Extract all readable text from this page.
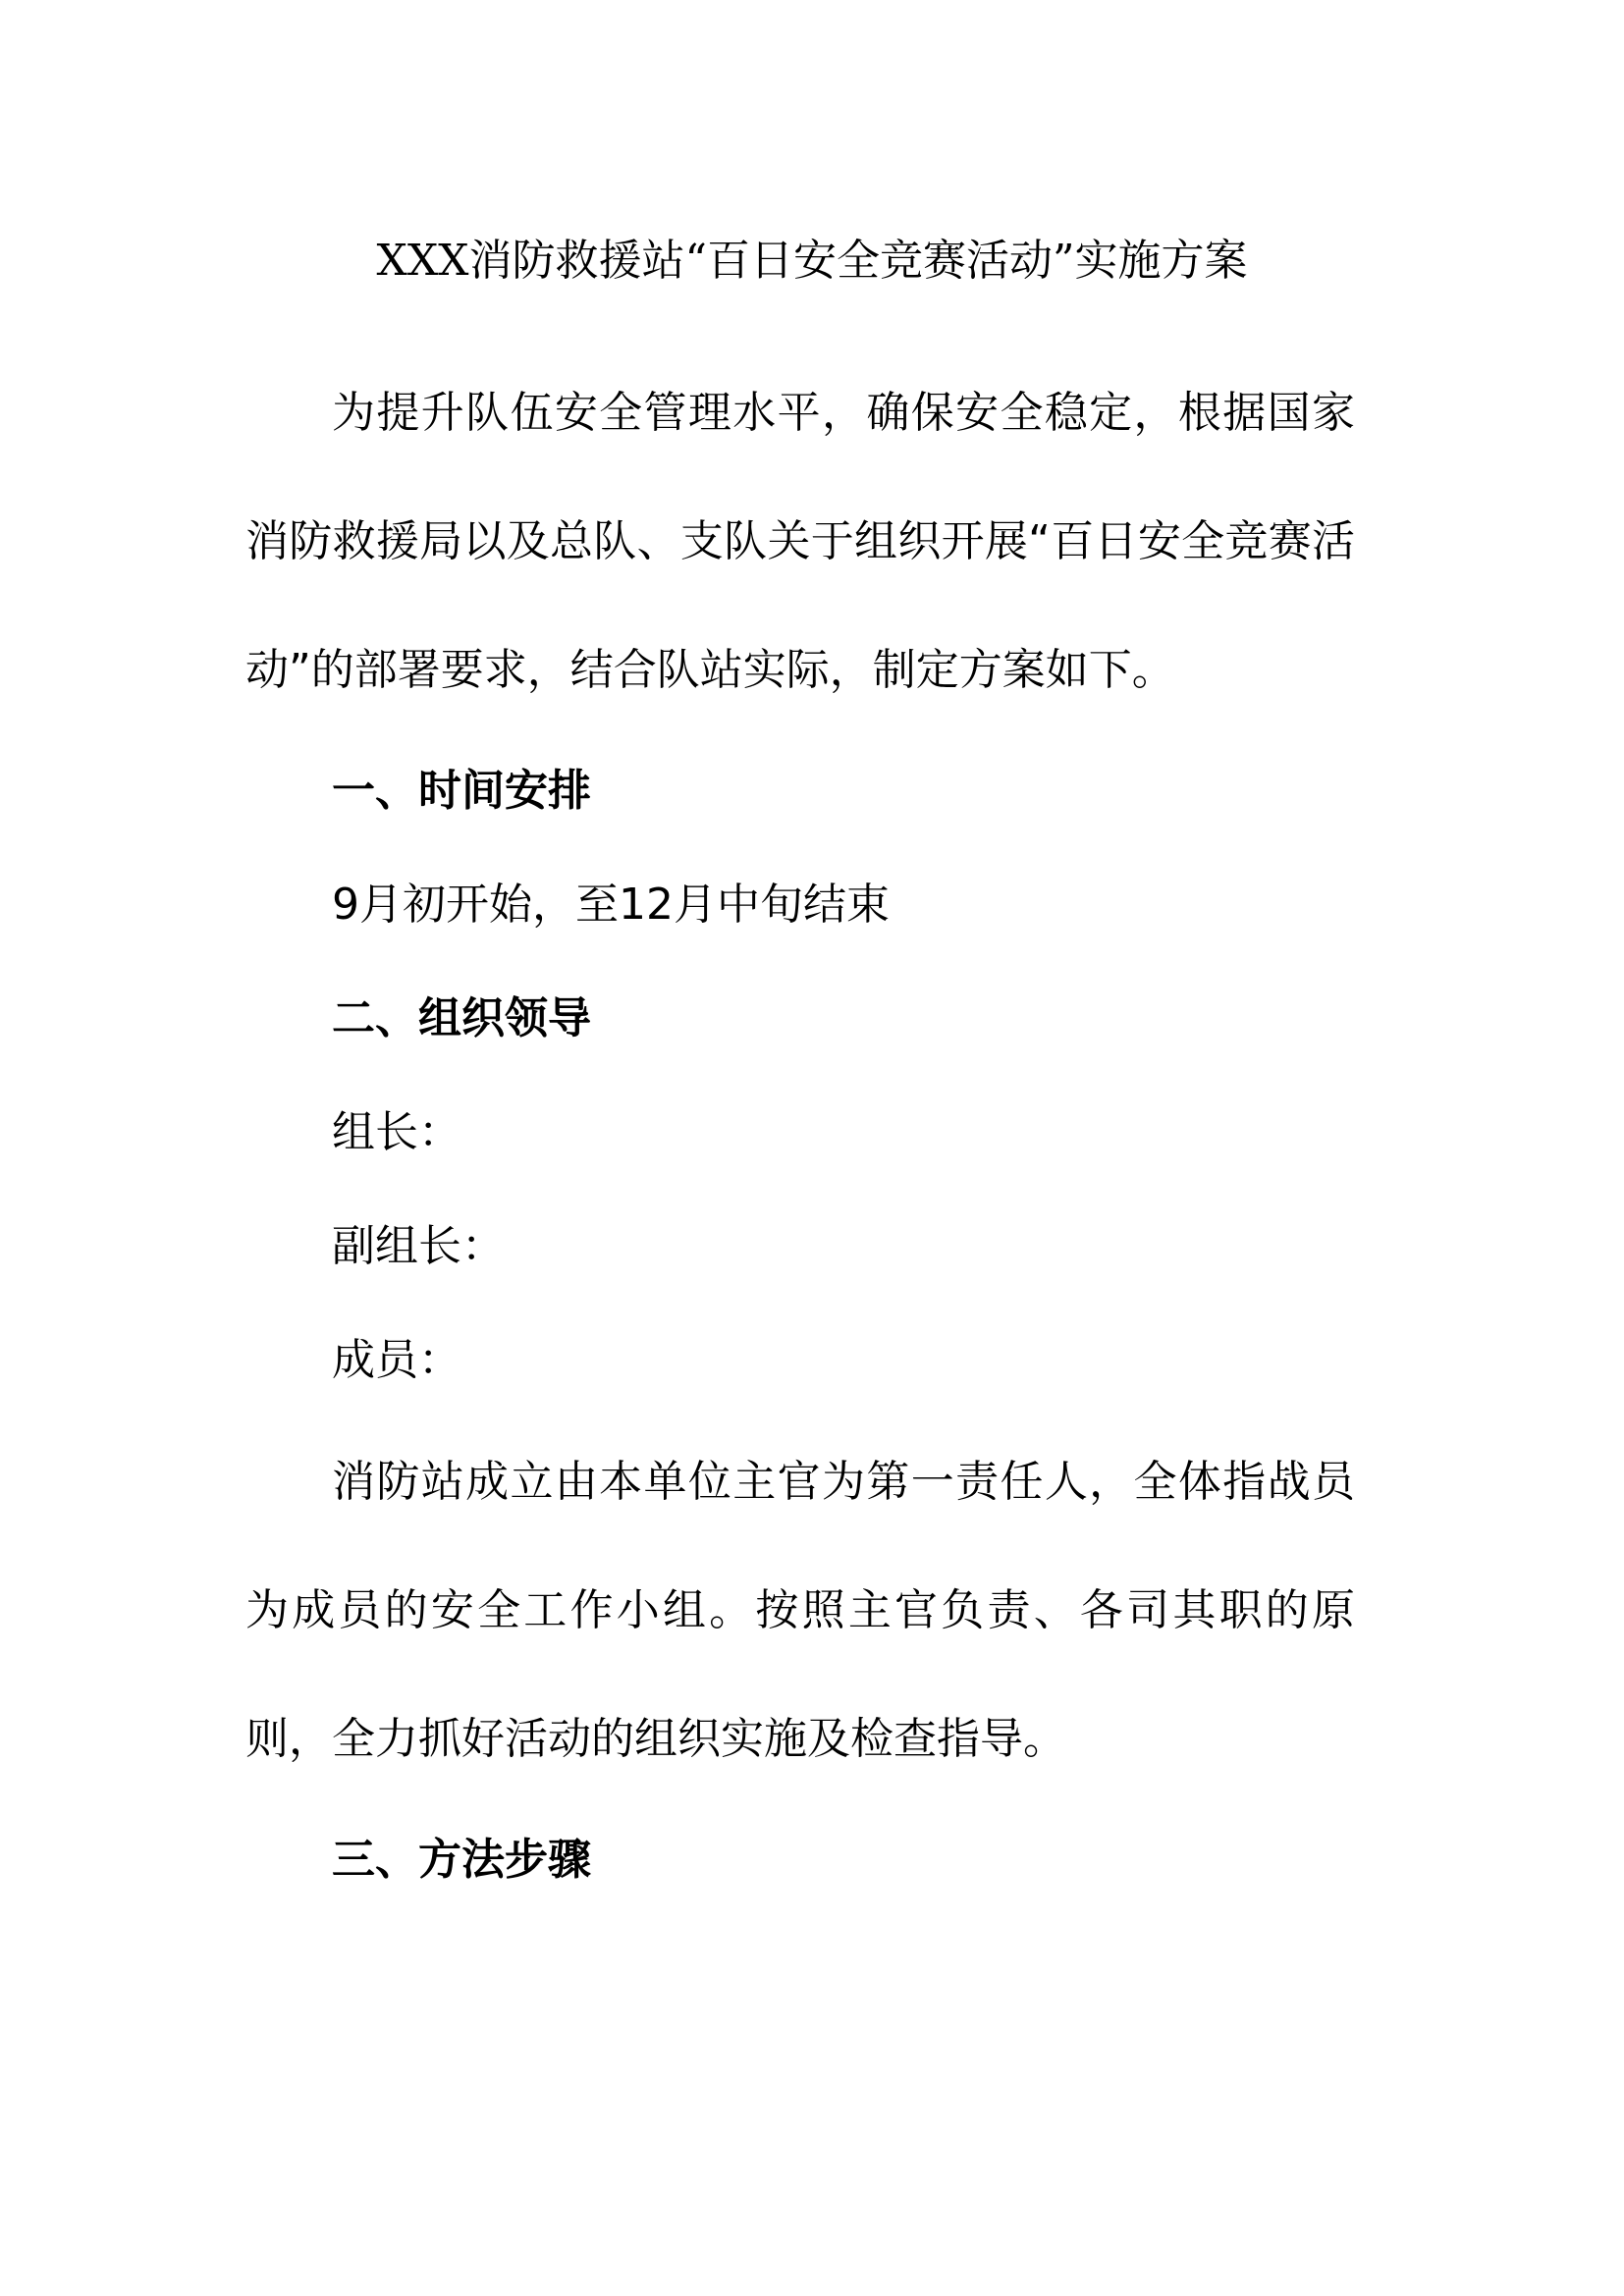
XXX消防救援站“百日安全竞赛活动”实施方案

为提升队伍安全管理水平，确保安全稳定，根据国家消防救援局以及总队、支队关于组织开展“百日安全竞赛活动”的部署要求，结合队站实际，制定方案如下。

一、时间安排

9月初开始，至12月中旬结束

二、组织领导

组长：

副组长：

成员：

消防站成立由本单位主官为第一责任人，全体指战员为成员的安全工作小组。按照主官负责、各司其职的原则，全力抓好活动的组织实施及检查指导。

三、方法步骤
